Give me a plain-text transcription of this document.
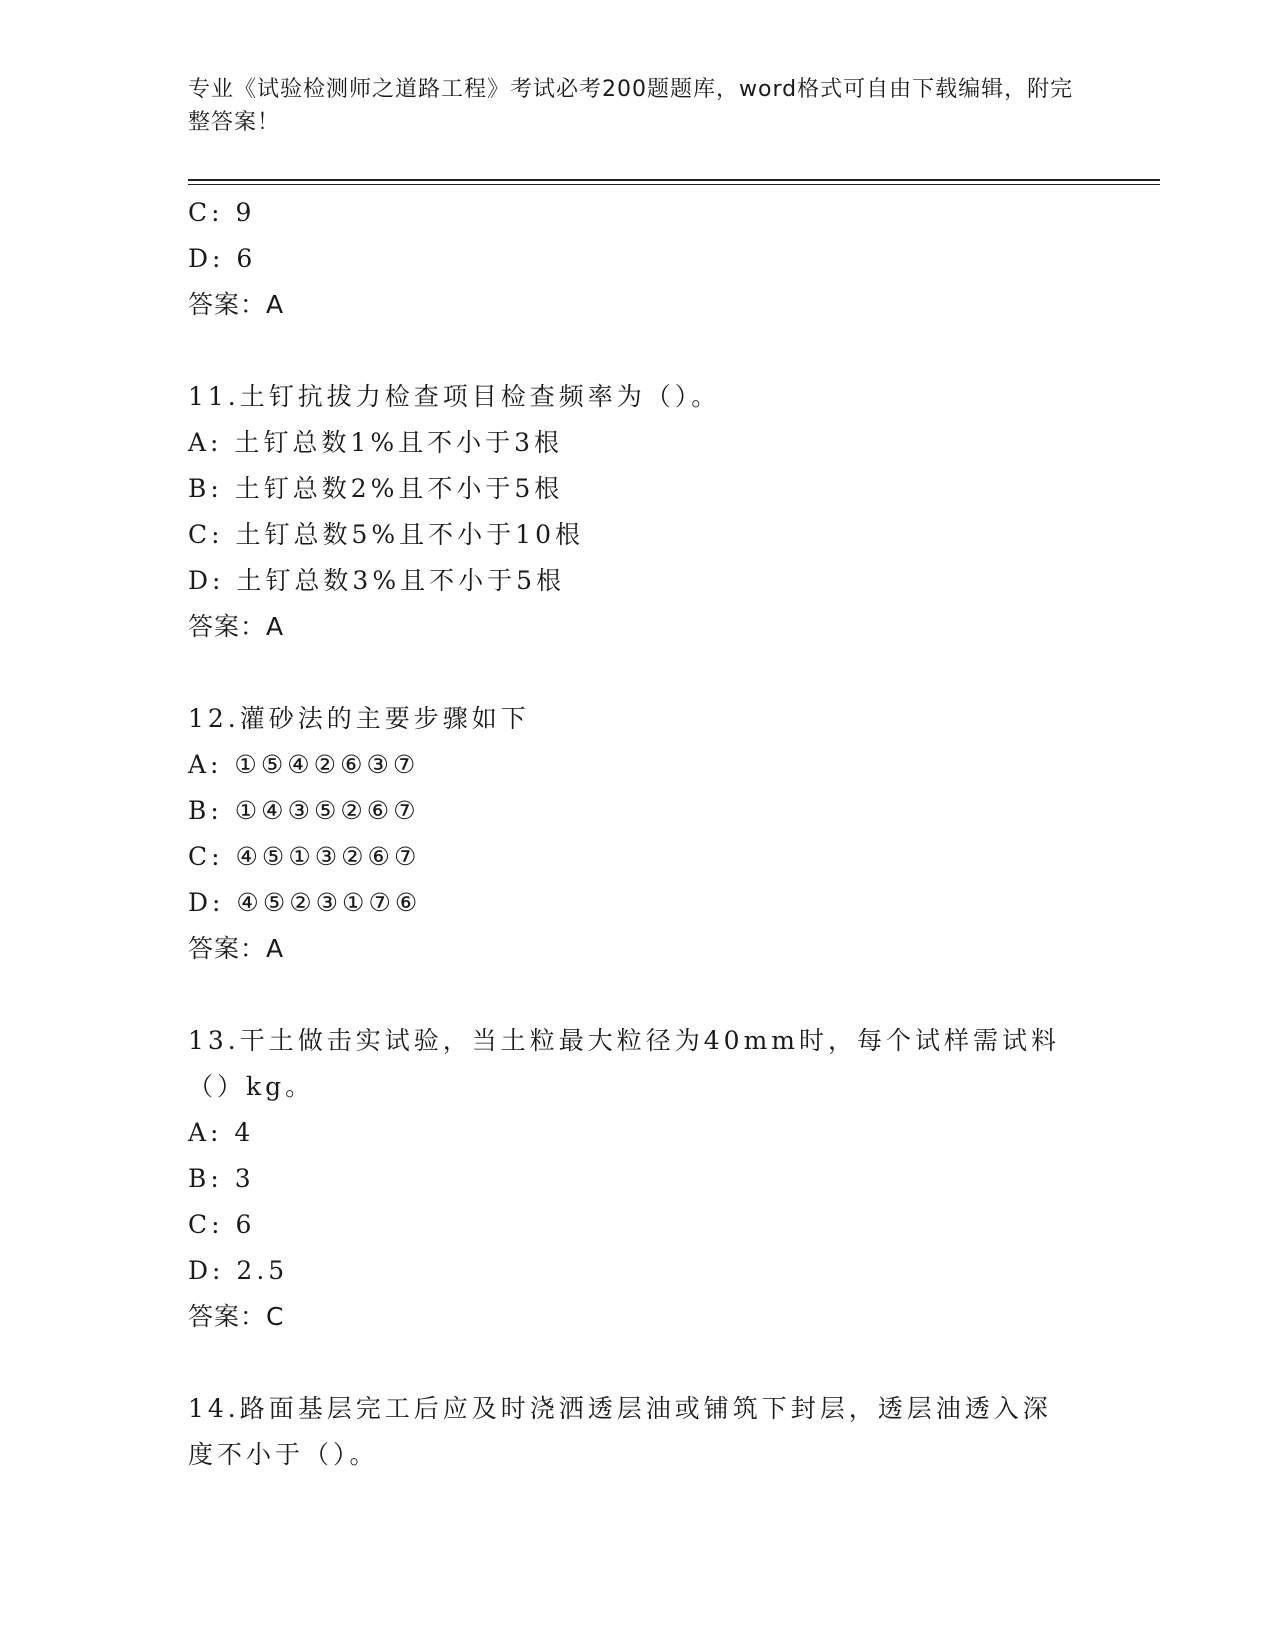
专业《试验检测师之道路工程》考试必考200题题库，word格式可自由下载编辑，附完整答案！
C: 9
D: 6
答案：A
11.土钉抗拔力检查项目检查频率为（）。
A: 土钉总数1%且不小于3根
B: 土钉总数2%且不小于5根
C: 土钉总数5%且不小于10根
D: 土钉总数3%且不小于5根
答案：A
12.灌砂法的主要步骤如下
A: ①⑤④②⑥③⑦
B: ①④③⑤②⑥⑦
C: ④⑤①③②⑥⑦
D: ④⑤②③①⑦⑥
答案：A
13.干土做击实试验，当土粒最大粒径为40mm时，每个试样需试料（）kg。
A: 4
B: 3
C: 6
D: 2.5
答案：C
14.路面基层完工后应及时浇洒透层油或铺筑下封层，透层油透入深度不小于（）。
